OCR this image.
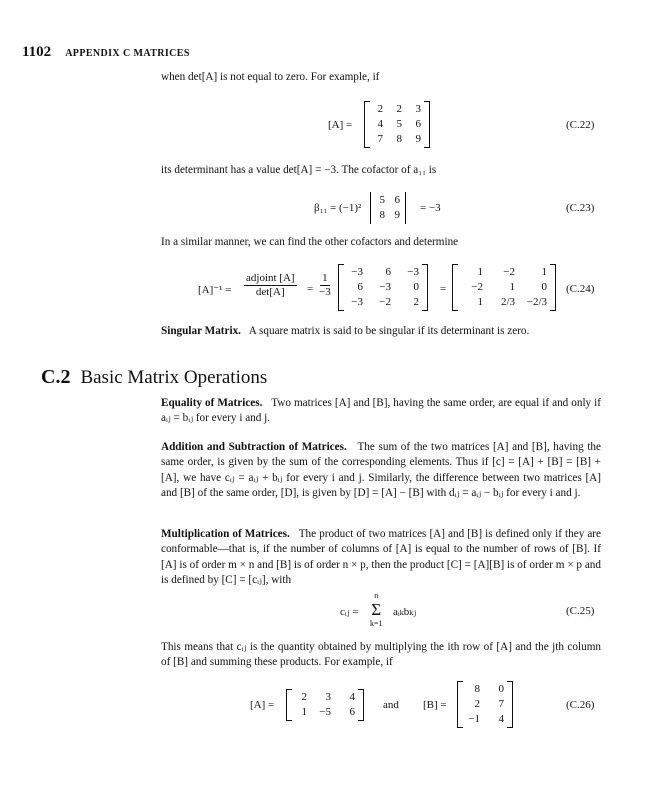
1102 APPENDIX C MATRICES
when det[A] is not equal to zero. For example, if
[A] =
2	2	3
4	5	6
7	8	9
(C.22)
its determinant has a value det[A] = −3. The cofactor of a₁₁ is
β₁₁ = (−1)²
5 6
8 9
= −3	(C.23)
In a similar manner, we can find the other cofactors and determine
[A]⁻¹ =
adjoint [A]
$\det[A] = \frac{1}{-3}$	−3	6	−3
6	−3	0
−3	−2	2
=
1	−2	1
−2	1	0
1	2/3 −2/3
(C.24)
Singular Matrix. A square matrix is said to be singular if its determinant is zero.
C.2 Basic Matrix Operations
Equality of Matrices. Two matrices [A] and [B], having the same order, are equal if and only if aᵢⱼ = bᵢⱼ for every i and j.
Addition and Subtraction of Matrices. The sum of the two matrices [A] and [B], having the same order, is given by the sum of the corresponding elements. Thus if [c] = [A] + [B] = [B] + [A], we have cᵢⱼ = aᵢⱼ + bᵢⱼ for every i and j. Similarly, the difference between two matrices [A] and [B] of the same order, [D], is given by [D] = [A] − [B] with dᵢⱼ = aᵢⱼ − bᵢⱼ for every i and j.
Multiplication of Matrices. The product of two matrices [A] and [B] is defined only if they are conformable—that is, if the number of columns of [A] is equal to the number of rows of [B]. If [A] is of order m × n and [B] is of order n × p, then the product [C] = [A][B] is of order m × p and is defined by [C] = [cᵢⱼ], with
cᵢⱼ =
n
Σ
k=1
aᵢₖbₖⱼ	(C.25)
This means that cᵢⱼ is the quantity obtained by multiplying the ith row of [A] and the jth column of [B] and summing these products. For example, if
[A] =
2	3	4
1 −5	6
and [B] =
8	0
2	7
−1	4
(C.26)
